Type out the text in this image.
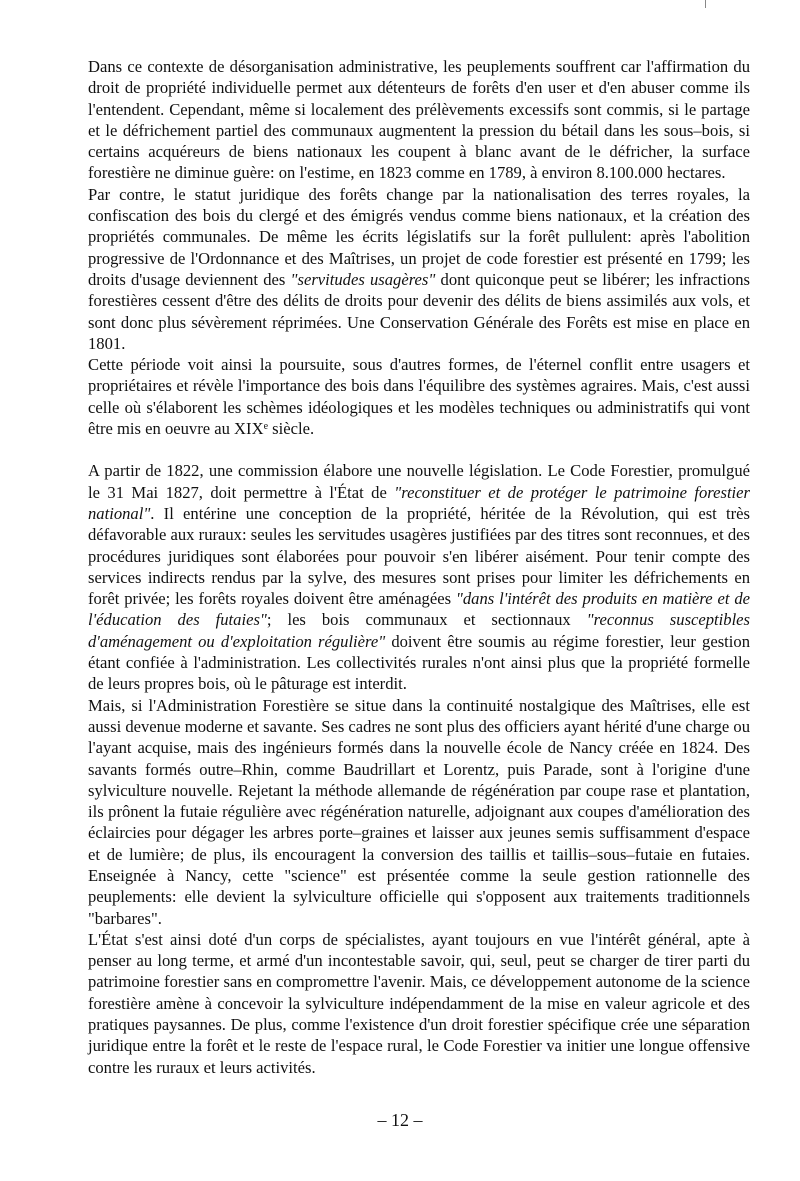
Dans ce contexte de désorganisation administrative, les peuplements souffrent car l'affirmation du droit de propriété individuelle permet aux détenteurs de forêts d'en user et d'en abuser comme ils l'entendent. Cependant, même si localement des prélèvements excessifs sont commis, si le partage et le défrichement partiel des communaux augmentent la pression du bétail dans les sous–bois, si certains acquéreurs de biens nationaux les coupent à blanc avant de le défricher, la surface forestière ne diminue guère: on l'estime, en 1823 comme en 1789, à environ 8.100.000 hectares.

Par contre, le statut juridique des forêts change par la nationalisation des terres royales, la confiscation des bois du clergé et des émigrés vendus comme biens nationaux, et la création des propriétés communales. De même les écrits législatifs sur la forêt pullulent: après l'abolition progressive de l'Ordonnance et des Maîtrises, un projet de code forestier est présenté en 1799; les droits d'usage deviennent des "servitudes usagères" dont quiconque peut se libérer; les infractions forestières cessent d'être des délits de droits pour devenir des délits de biens assimilés aux vols, et sont donc plus sévèrement réprimées. Une Conservation Générale des Forêts est mise en place en 1801.

Cette période voit ainsi la poursuite, sous d'autres formes, de l'éternel conflit entre usagers et propriétaires et révèle l'importance des bois dans l'équilibre des systèmes agraires. Mais, c'est aussi celle où s'élaborent les schèmes idéologiques et les modèles techniques ou administratifs qui vont être mis en oeuvre au XIXe siècle.

A partir de 1822, une commission élabore une nouvelle législation. Le Code Forestier, promulgué le 31 Mai 1827, doit permettre à l'État de "reconstituer et de protéger le patrimoine forestier national". Il entérine une conception de la propriété, héritée de la Révolution, qui est très défavorable aux ruraux: seules les servitudes usagères justifiées par des titres sont reconnues, et des procédures juridiques sont élaborées pour pouvoir s'en libérer aisément. Pour tenir compte des services indirects rendus par la sylve, des mesures sont prises pour limiter les défrichements en forêt privée; les forêts royales doivent être aménagées "dans l'intérêt des produits en matière et de l'éducation des futaies"; les bois communaux et sectionnaux "reconnus susceptibles d'aménagement ou d'exploitation régulière" doivent être soumis au régime forestier, leur gestion étant confiée à l'administration. Les collectivités rurales n'ont ainsi plus que la propriété formelle de leurs propres bois, où le pâturage est interdit.

Mais, si l'Administration Forestière se situe dans la continuité nostalgique des Maîtrises, elle est aussi devenue moderne et savante. Ses cadres ne sont plus des officiers ayant hérité d'une charge ou l'ayant acquise, mais des ingénieurs formés dans la nouvelle école de Nancy créée en 1824. Des savants formés outre–Rhin, comme Baudrillart et Lorentz, puis Parade, sont à l'origine d'une sylviculture nouvelle. Rejetant la méthode allemande de régénération par coupe rase et plantation, ils prônent la futaie régulière avec régénération naturelle, adjoignant aux coupes d'amélioration des éclaircies pour dégager les arbres porte–graines et laisser aux jeunes semis suffisamment d'espace et de lumière; de plus, ils encouragent la conversion des taillis et taillis–sous–futaie en futaies. Enseignée à Nancy, cette "science" est présentée comme la seule gestion rationnelle des peuplements: elle devient la sylviculture officielle qui s'opposent aux traitements traditionnels "barbares".

L'État s'est ainsi doté d'un corps de spécialistes, ayant toujours en vue l'intérêt général, apte à penser au long terme, et armé d'un incontestable savoir, qui, seul, peut se charger de tirer parti du patrimoine forestier sans en compromettre l'avenir. Mais, ce développement autonome de la science forestière amène à concevoir la sylviculture indépendamment de la mise en valeur agricole et des pratiques paysannes. De plus, comme l'existence d'un droit forestier spécifique crée une séparation juridique entre la forêt et le reste de l'espace rural, le Code Forestier va initier une longue offensive contre les ruraux et leurs activités.

– 12 –
